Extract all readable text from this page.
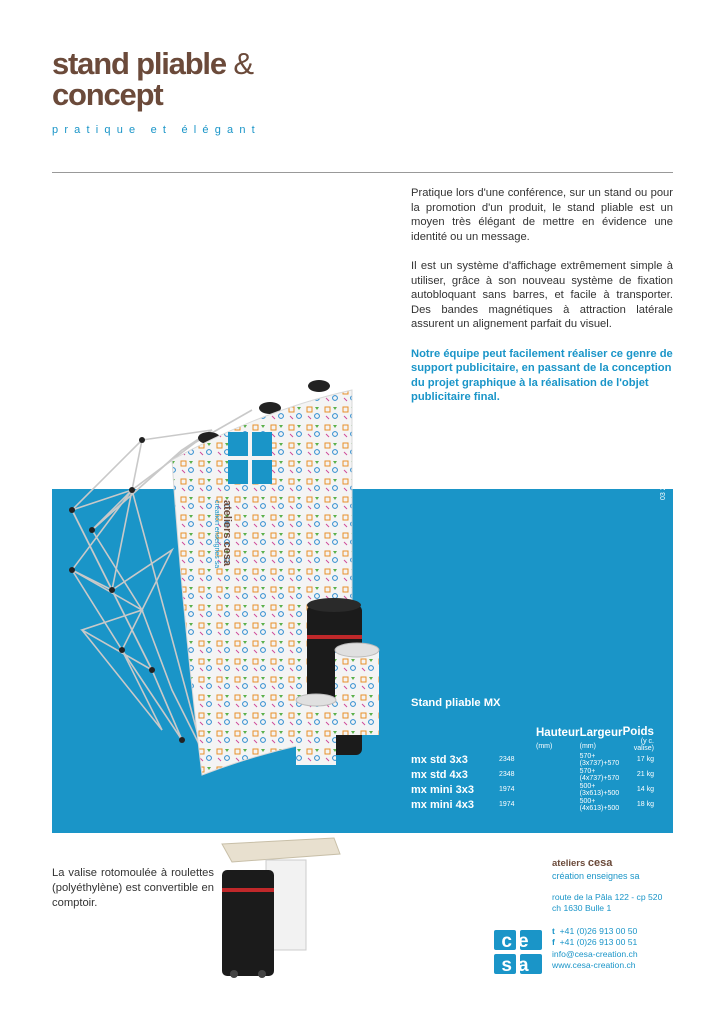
stand pliable &
concept
pratique et élégant

Pratique lors d'une conférence, sur un stand ou pour la promotion d'un produit, le stand pliable est un moyen très élégant de mettre en évidence une identité ou un message.

Il est un système d'affichage extrêmement simple à utiliser, grâce à son nouveau système de fixation autobloquant sans barres, et facile à transporter. Des bandes magnétiques à attraction latérale assurent un alignement parfait du visuel.

Notre équipe peut facilement réaliser ce genre de support publicitaire, en passant de la conception du projet graphique à la réalisation de l'objet publicitaire final.

03 2008
ateliers cesa
création enseignes sa
Stand pliable MX
	Hauteur (mm)	Largeur (mm)	Poids
(y c. valise)

mx std 3x3	2348	570+(3x737)+570	17 kg
mx std 4x3	2348	570+(4x737)+570	21 kg
mx mini 3x3	1974	500+(3x613)+500	14 kg
mx mini 4x3	1974	500+(4x613)+500	18 kg
La valise rotomoulée à roulettes (polyéthylène) est convertible en comptoir.
ateliers cesa
création enseignes sa
route de la Pâla 122 - cp 520
ch 1630 Bulle 1
t +41 (0)26 913 00 50
f +41 (0)26 913 00 51
info@cesa-creation.ch
www.cesa-creation.ch
ce
sa
